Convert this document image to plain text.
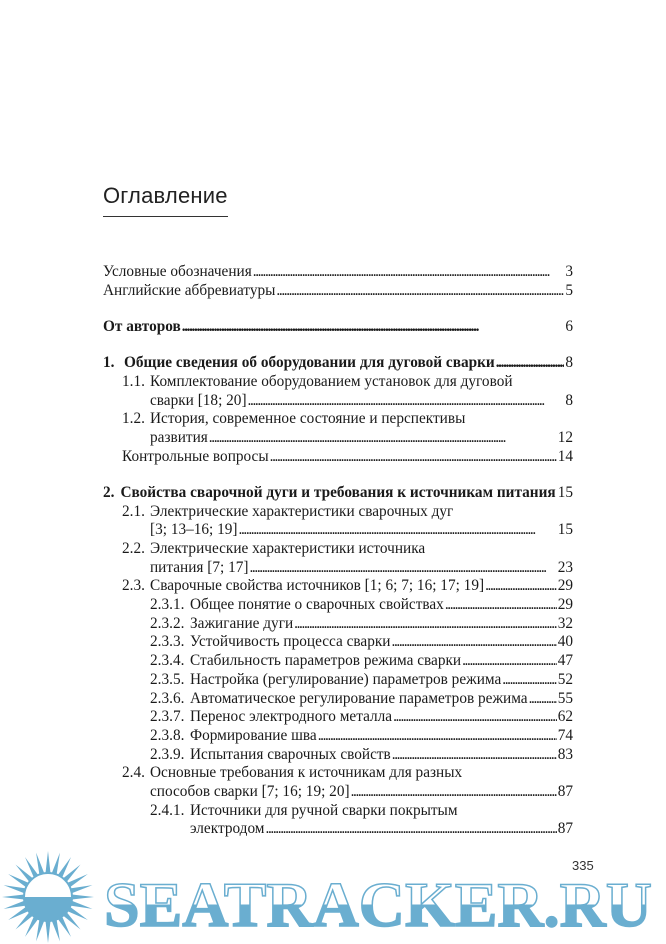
Оглавление
Условные обозначения . . .	3
Английские аббревиатуры . . .	5
От авторов . . .	6
1. Общие сведения об оборудовании для дуговой сварки . . .	8
1.1. Комплектование оборудованием установок для дуговой
сварки [18; 20] . . .	8
1.2. История, современное состояние и перспективы
развития . . .	12
Контрольные вопросы . . .	14
2. Свойства сварочной дуги и требования к источникам питания 15
2.1. Электрические характеристики сварочных дуг
[3; 13–16; 19] . . .	15
2.2. Электрические характеристики источника
питания [7; 17] . . .	23
2.3. Сварочные свойства источников [1; 6; 7; 16; 17; 19] . . .	29
2.3.1. Общее понятие о сварочных свойствах . . .	29
2.3.2. Зажигание дуги . . .	32
2.3.3. Устойчивость процесса сварки . . .	40
2.3.4. Стабильность параметров режима сварки . . .	47
2.3.5. Настройка (регулирование) параметров режима . . .	52
2.3.6. Автоматическое регулирование параметров режима . . . 55
2.3.7. Перенос электродного металла . . .	62
2.3.8. Формирование шва . . .	74
2.3.9. Испытания сварочных свойств . . .	83
2.4. Основные требования к источникам для разных
способов сварки [7; 16; 19; 20] . . .	87
2.4.1. Источники для ручной сварки покрытым
электродом . . .	87
SEATRACKER.RU
335
